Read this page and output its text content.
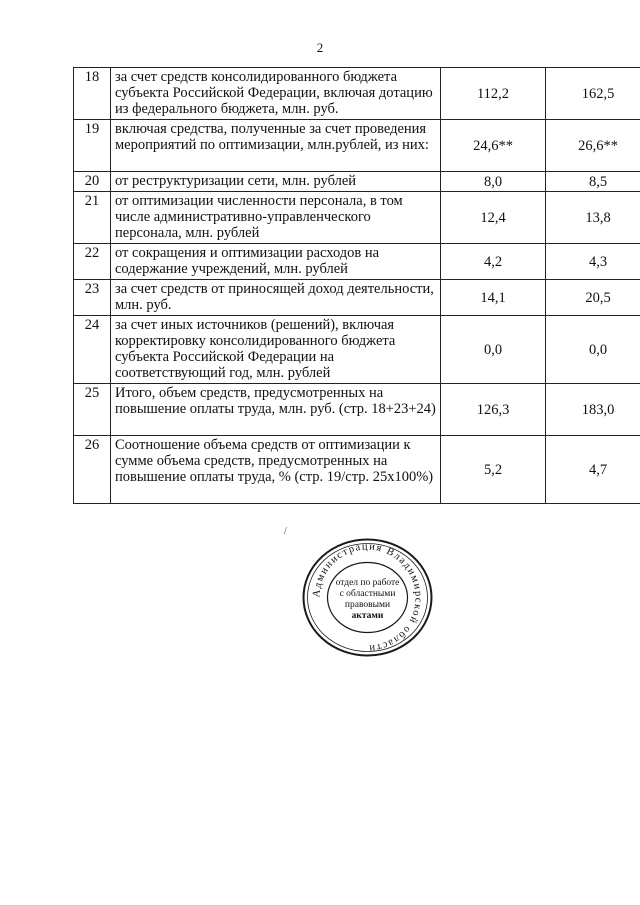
2
18	за счет средств консолидированного бюджета субъекта Российской Федерации, включая дотацию из федерального бюджета, млн. руб.	112,2	162,5
19	включая средства, полученные за счет проведения мероприятий по оптимизации, млн.рублей, из них:	24,6**	26,6**
20	от реструктуризации сети, млн. рублей	8,0	8,5
21	от оптимизации численности персонала, в том числе административно-управленческого персонала, млн. рублей	12,4	13,8
22	от сокращения и оптимизации расходов на содержание учреждений, млн. рублей	4,2	4,3
23	за счет средств от приносящей доход деятельности, млн. руб.	14,1	20,5
24	за счет иных источников (решений), включая корректировку консолидированного бюджета субъекта Российской Федерации на соответствующий год, млн. рублей	0,0	0,0
25	Итого, объем средств, предусмотренных на повышение оплаты труда, млн. руб. (стр. 18+23+24)	126,3	183,0
26	Соотношение объема средств от оптимизации к сумме объема средств, предусмотренных на повышение оплаты труда, % (стр. 19/стр. 25x100%)	5,2	4,7
/
Администрация Владимирской области
отдел по работе
с областными
правовыми
актами
